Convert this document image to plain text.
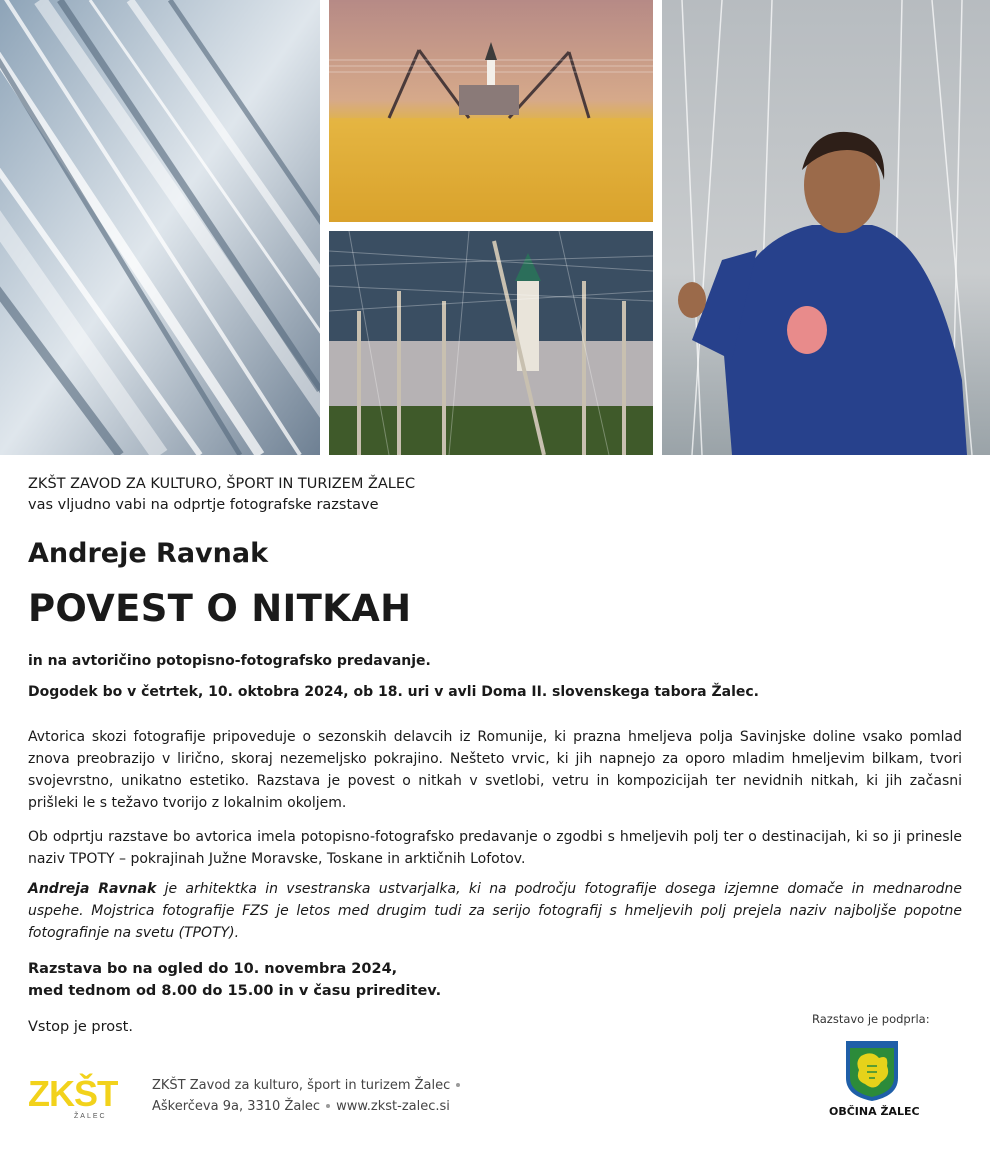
ZKŠT ZAVOD ZA KULTURO, ŠPORT IN TURIZEM ŽALEC
vas vljudno vabi na odprtje fotografske razstave
Andreje Ravnak
POVEST O NITKAH
in na avtoričino potopisno-fotografsko predavanje.
Dogodek bo v četrtek, 10. oktobra 2024, ob 18. uri v avli Doma II. slovenskega tabora Žalec.
Avtorica skozi fotografije pripoveduje o sezonskih delavcih iz Romunije, ki prazna hmeljeva polja Savinjske doline vsako pomlad znova preobrazijo v lirično, skoraj nezemeljsko pokrajino. Nešteto vrvic, ki jih napnejo za oporo mladim hmeljevim bilkam, tvori svojevrstno, unikatno estetiko. Razstava je povest o nitkah v svetlobi, vetru in kompozicijah ter nevidnih nitkah, ki jih začasni prišleki le s težavo tvorijo z lokalnim okoljem.
Ob odprtju razstave bo avtorica imela potopisno-fotografsko predavanje o zgodbi s hmeljevih polj ter o destinacijah, ki so ji prinesle naziv TPOTY – pokrajinah Južne Moravske, Toskane in arktičnih Lofotov.
Andreja Ravnak je arhitektka in vsestranska ustvarjalka, ki na področju fotografije dosega izjemne domače in mednarodne uspehe. Mojstrica fotografije FZS je letos med drugim tudi za serijo fotografij s hmeljevih polj prejela naziv najboljše popotne fotografinje na svetu (TPOTY).
Razstava bo na ogled do 10. novembra 2024,
med tednom od 8.00 do 15.00 in v času prireditev.
Vstop je prost.
ZKŠT
ŽALEC
ZKŠT Zavod za kulturo, šport in turizem Žalec
Aškerčeva 9a, 3310 Žalec www.zkst-zalec.si
Razstavo je podprla:
OBČINA ŽALEC
